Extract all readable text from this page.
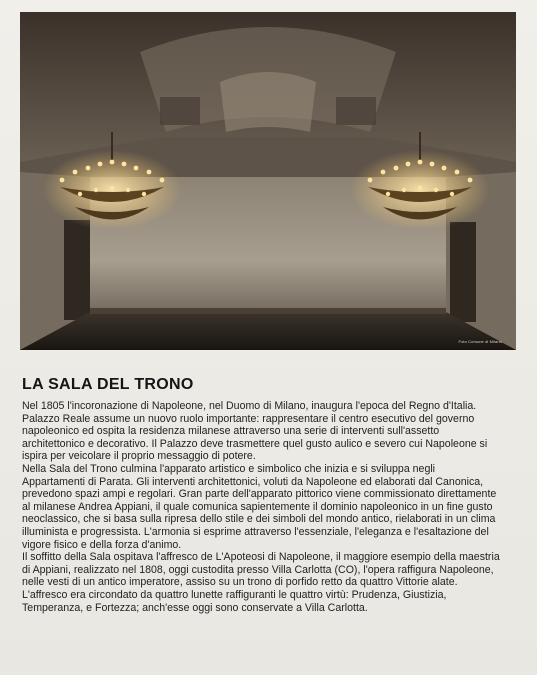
Foto Comune di Milano
LA SALA DEL TRONO

Nel 1805 l'incoronazione di Napoleone, nel Duomo di Milano, inaugura l'epoca del Regno d'Italia. Palazzo Reale assume un nuovo ruolo importante: rappresentare il centro esecutivo del governo napoleonico ed ospita la residenza milanese attraverso una serie di interventi sull'assetto architettonico e decorativo. Il Palazzo deve trasmettere quel gusto aulico e severo cui Napoleone si ispira per veicolare il proprio messaggio di potere.

Nella Sala del Trono culmina l'apparato artistico e simbolico che inizia e si sviluppa negli Appartamenti di Parata. Gli interventi architettonici, voluti da Napoleone ed elaborati dal Canonica, prevedono spazi ampi e regolari. Gran parte dell'apparato pittorico viene commissionato direttamente al milanese Andrea Appiani, il quale comunica sapientemente il dominio napoleonico in un fine gusto neoclassico, che si basa sulla ripresa dello stile e dei simboli del mondo antico, rielaborati in un clima illuminista e progressista. L'armonia si esprime attraverso l'essenziale, l'eleganza e l'esaltazione del vigore fisico e della forza d'animo.

Il soffitto della Sala ospitava l'affresco de L'Apoteosi di Napoleone, il maggiore esempio della maestria di Appiani, realizzato nel 1808, oggi custodita presso Villa Carlotta (CO), l'opera raffigura Napoleone, nelle vesti di un antico imperatore, assiso su un trono di porfido retto da quattro Vittorie alate.

L'affresco era circondato da quattro lunette raffiguranti le quattro virtù: Prudenza, Giustizia, Temperanza, e Fortezza; anch'esse oggi sono conservate a Villa Carlotta.
